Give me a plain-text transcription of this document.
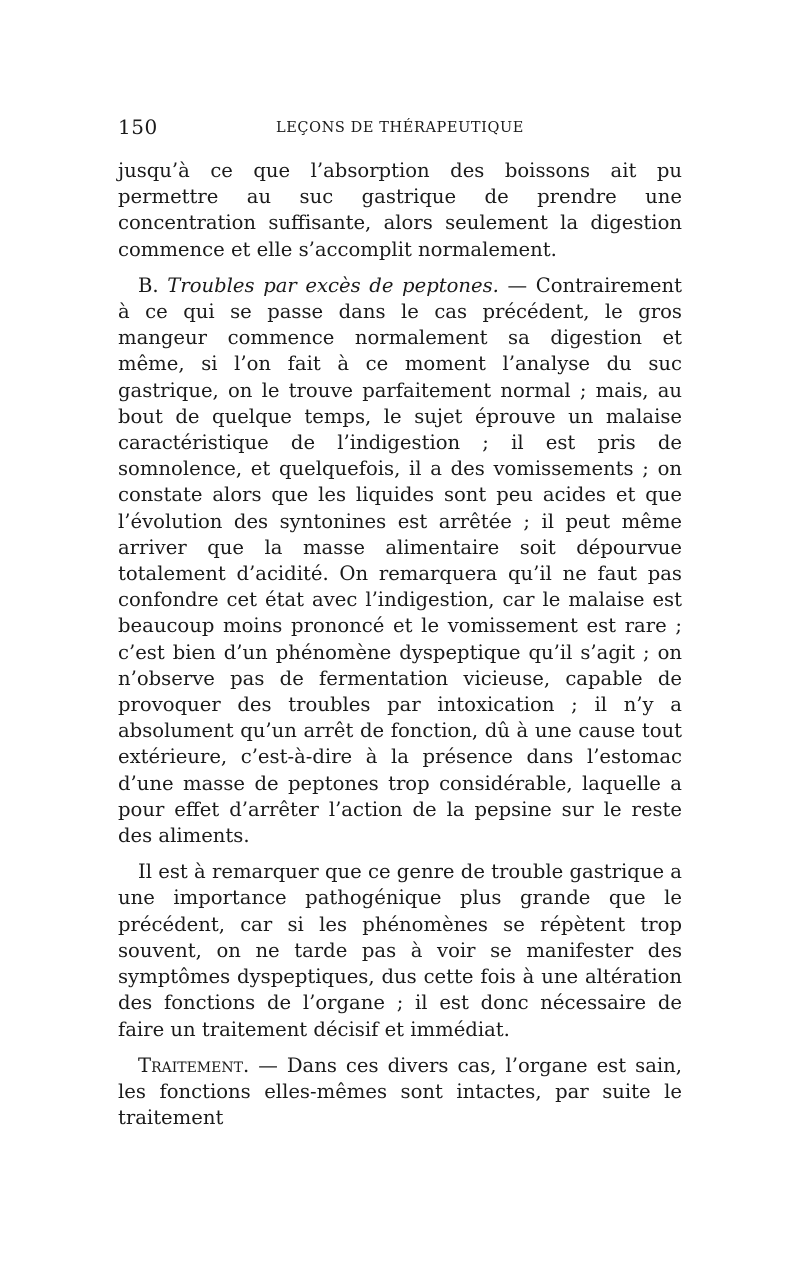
150	LEÇONS DE THÉRAPEUTIQUE

jusqu’à ce que l’absorption des boissons ait pu permettre au suc gastrique de prendre une concentration suffisante, alors seulement la digestion commence et elle s’accomplit normalement.

B. Troubles par excès de peptones. — Contrairement à ce qui se passe dans le cas précédent, le gros mangeur commence normalement sa digestion et même, si l’on fait à ce moment l’analyse du suc gastrique, on le trouve parfaitement normal ; mais, au bout de quelque temps, le sujet éprouve un malaise caractéristique de l’indigestion ; il est pris de somnolence, et quelquefois, il a des vomissements ; on constate alors que les liquides sont peu acides et que l’évolution des syntonines est arrêtée ; il peut même arriver que la masse alimentaire soit dépourvue totalement d’acidité. On remarquera qu’il ne faut pas confondre cet état avec l’indigestion, car le malaise est beaucoup moins prononcé et le vomissement est rare ; c’est bien d’un phénomène dyspeptique qu’il s’agit ; on n’observe pas de fermentation vicieuse, capable de provoquer des troubles par intoxication ; il n’y a absolument qu’un arrêt de fonction, dû à une cause tout extérieure, c’est-à-dire à la présence dans l’estomac d’une masse de peptones trop considérable, laquelle a pour effet d’arrêter l’action de la pepsine sur le reste des aliments.

Il est à remarquer que ce genre de trouble gastrique a une importance pathogénique plus grande que le précédent, car si les phénomènes se répètent trop souvent, on ne tarde pas à voir se manifester des symptômes dyspeptiques, dus cette fois à une altération des fonctions de l’organe ; il est donc nécessaire de faire un traitement décisif et immédiat.

Traitement. — Dans ces divers cas, l’organe est sain, les fonctions elles-mêmes sont intactes, par suite le traitement
